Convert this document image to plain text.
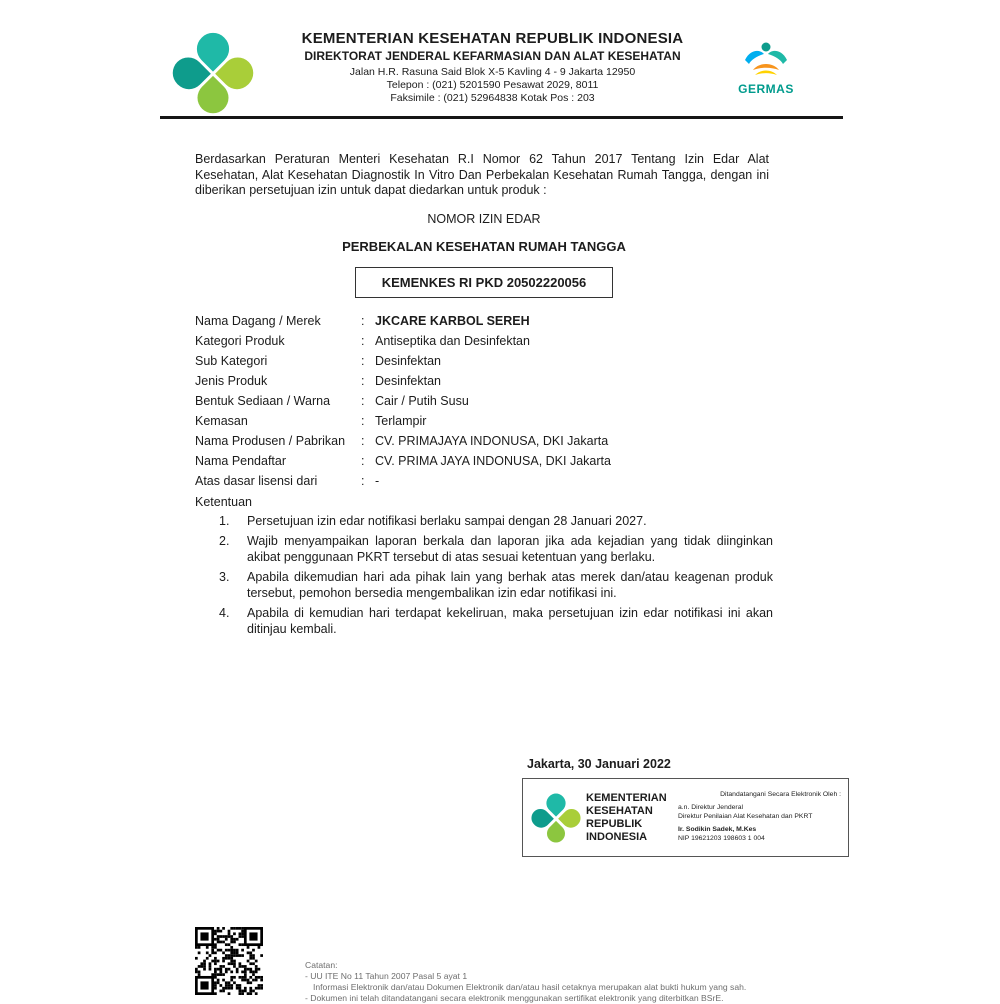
KEMENTERIAN KESEHATAN REPUBLIK INDONESIA
DIREKTORAT JENDERAL KEFARMASIAN DAN ALAT KESEHATAN
Jalan H.R. Rasuna Said Blok X-5 Kavling 4 - 9 Jakarta 12950
Telepon : (021) 5201590 Pesawat 2029, 8011
Faksimile : (021) 52964838 Kotak Pos : 203
GERMAS

Berdasarkan Peraturan Menteri Kesehatan R.I Nomor 62 Tahun 2017 Tentang Izin Edar Alat Kesehatan, Alat Kesehatan Diagnostik In Vitro Dan Perbekalan Kesehatan Rumah Tangga, dengan ini diberikan persetujuan izin untuk dapat diedarkan untuk produk :

NOMOR IZIN EDAR
PERBEKALAN KESEHATAN RUMAH TANGGA
KEMENKES RI PKD 20502220056
Nama Dagang / Merek	: JKCARE KARBOL SEREH
Kategori Produk	: Antiseptika dan Desinfektan
Sub Kategori	: Desinfektan
Jenis Produk	: Desinfektan
Bentuk Sediaan / Warna	: Cair / Putih Susu
Kemasan	: Terlampir
Nama Produsen / Pabrikan	: CV. PRIMAJAYA INDONUSA, DKI Jakarta
Nama Pendaftar	: CV. PRIMA JAYA INDONUSA, DKI Jakarta
Atas dasar lisensi dari	: -
Ketentuan
1.	Persetujuan izin edar notifikasi berlaku sampai dengan 28 Januari 2027.
2.	Wajib menyampaikan laporan berkala dan laporan jika ada kejadian yang tidak diinginkan akibat penggunaan PKRT tersebut di atas sesuai ketentuan yang berlaku.
3.	Apabila dikemudian hari ada pihak lain yang berhak atas merek dan/atau keagenan produk tersebut, pemohon bersedia mengembalikan izin edar notifikasi ini.
4.	Apabila di kemudian hari terdapat kekeliruan, maka persetujuan izin edar notifikasi ini akan ditinjau kembali.
Jakarta, 30 Januari 2022
KEMENTERIAN
KESEHATAN
REPUBLIK
INDONESIA
Ditandatangani Secara Elektronik Oleh :
a.n. Direktur Jenderal
Direktur Penilaian Alat Kesehatan dan PKRT
Ir. Sodikin Sadek, M.Kes
NIP 19621203 198603 1 004
Catatan:
- UU ITE No 11 Tahun 2007 Pasal 5 ayat 1
Informasi Elektronik dan/atau Dokumen Elektronik dan/atau hasil cetaknya merupakan alat bukti hukum yang sah.
- Dokumen ini telah ditandatangani secara elektronik menggunakan sertifikat elektronik yang diterbitkan BSrE.
